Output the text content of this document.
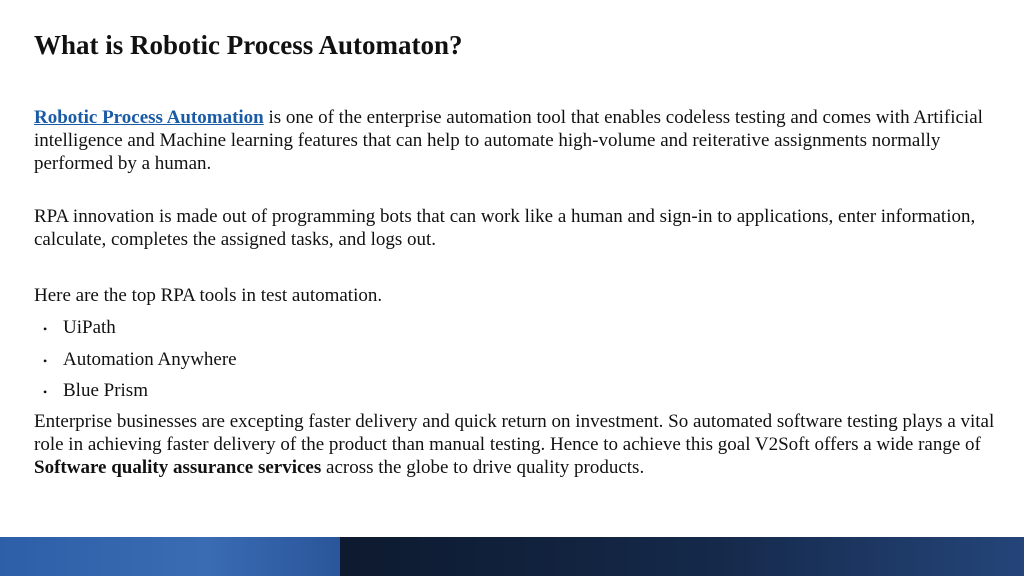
What is Robotic Process Automaton?

Robotic Process Automation is one of the enterprise automation tool that enables codeless testing and comes with Artificial intelligence and Machine learning features that can help to automate high-volume and reiterative assignments normally performed by a human.

RPA innovation is made out of programming bots that can work like a human and sign-in to applications, enter information, calculate, completes the assigned tasks, and logs out.

Here are the top RPA tools in test automation.

• UiPath
• Automation Anywhere
• Blue Prism

Enterprise businesses are excepting faster delivery and quick return on investment. So automated software testing plays a vital role in achieving faster delivery of the product than manual testing. Hence to achieve this goal V2Soft offers a wide range of Software quality assurance services across the globe to drive quality products.
